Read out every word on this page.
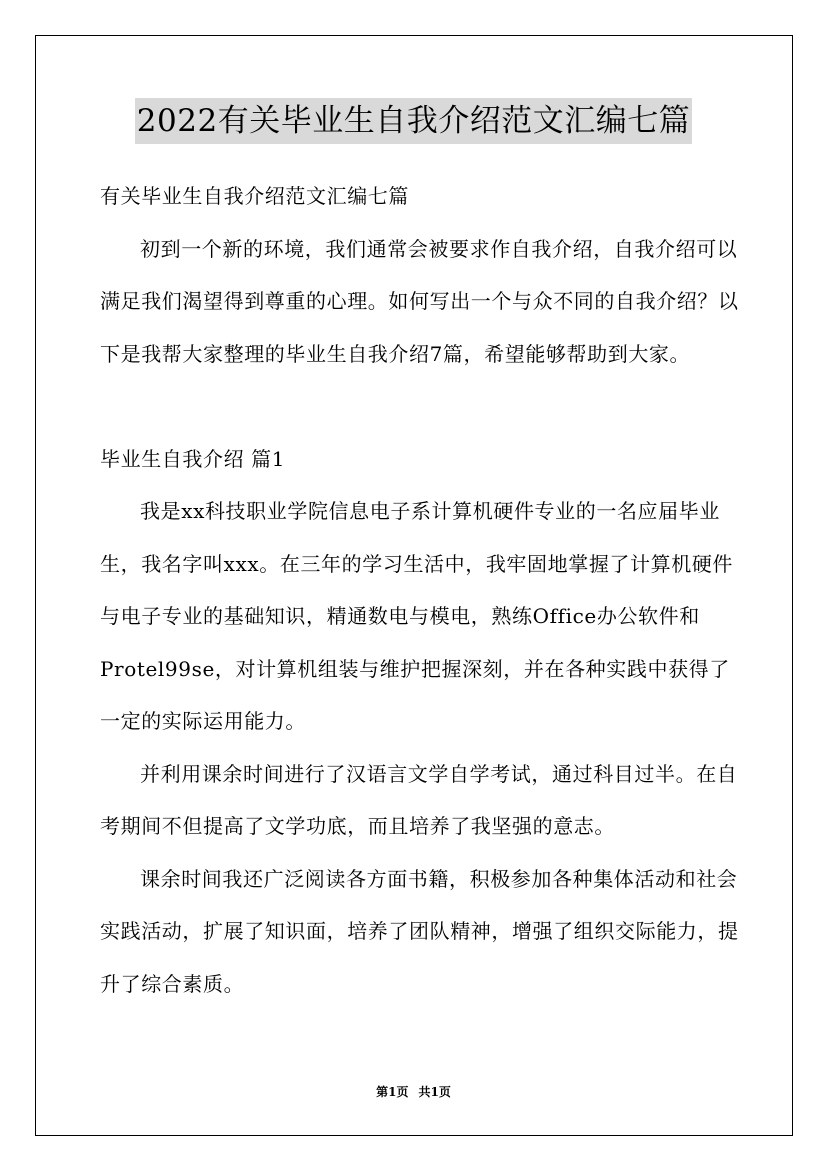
2022有关毕业生自我介绍范文汇编七篇

有关毕业生自我介绍范文汇编七篇

初到一个新的环境，我们通常会被要求作自我介绍，自我介绍可以满足我们渴望得到尊重的心理。如何写出一个与众不同的自我介绍？以下是我帮大家整理的毕业生自我介绍7篇，希望能够帮助到大家。

毕业生自我介绍 篇1

我是xx科技职业学院信息电子系计算机硬件专业的一名应届毕业生，我名字叫xxx。在三年的学习生活中，我牢固地掌握了计算机硬件与电子专业的基础知识，精通数电与模电，熟练Office办公软件和Protel99se，对计算机组装与维护把握深刻，并在各种实践中获得了一定的实际运用能力。

并利用课余时间进行了汉语言文学自学考试，通过科目过半。在自考期间不但提高了文学功底，而且培养了我坚强的意志。

课余时间我还广泛阅读各方面书籍，积极参加各种集体活动和社会实践活动，扩展了知识面，培养了团队精神，增强了组织交际能力，提升了综合素质。

第1页 共1页
